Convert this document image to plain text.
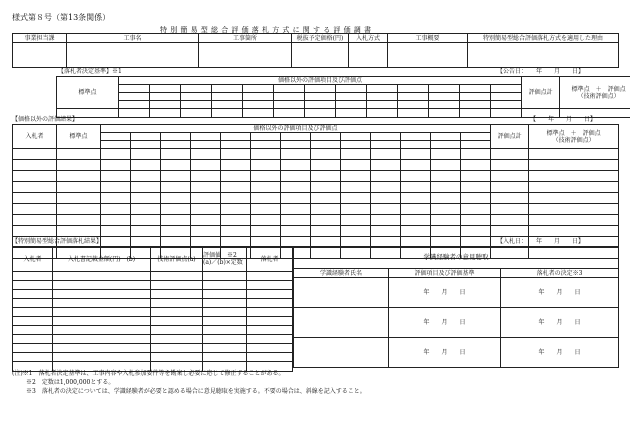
様式第８号（第13条関係）
特別簡易型総合評価落札方式に関する評価調書
事業担当課	工事名	工事箇所	税抜予定価格(円)	入札方式	工事概要	特別簡易型総合評価落札方式を適用した理由

【落札者決定基準】※1	【公告日：　　年　　月　　日】
標準点	価格以外の評価項目及び評価点													評価点計	標準点　＋　評価点
（技術評価点）

【価格以外の評価結果】	【　　年　　月　　日】
入札者	標準点	価格以外の評価項目及び評価点													評価点計	標準点　＋　評価点
（技術評価点）

【特別簡易型総合評価落札結果】	【入札日：　　年　　月　　日】
入札者	入札書記載金額(円)　(b)	技術評価点(a)	評価値　※2 (a)／(b)×定数	落札者

					学識経験者の意見聴取		
学識経験者氏名	評価項目及び評価基準	落札者の決定※3
	年　　月　　日	年　　月　　日
	年　　月　　日	年　　月　　日
	年　　月　　日	年　　月　　日
(注)※1　落札者決定基準は、工事内容や入札参加要件等を勘案し必要に応じて修正することがある。
※2　定数は1,000,000とする。
※3　落札者の決定については、学識経験者が必要と認める場合に意見聴取を実施する。不要の場合は、斜線を記入すること。
